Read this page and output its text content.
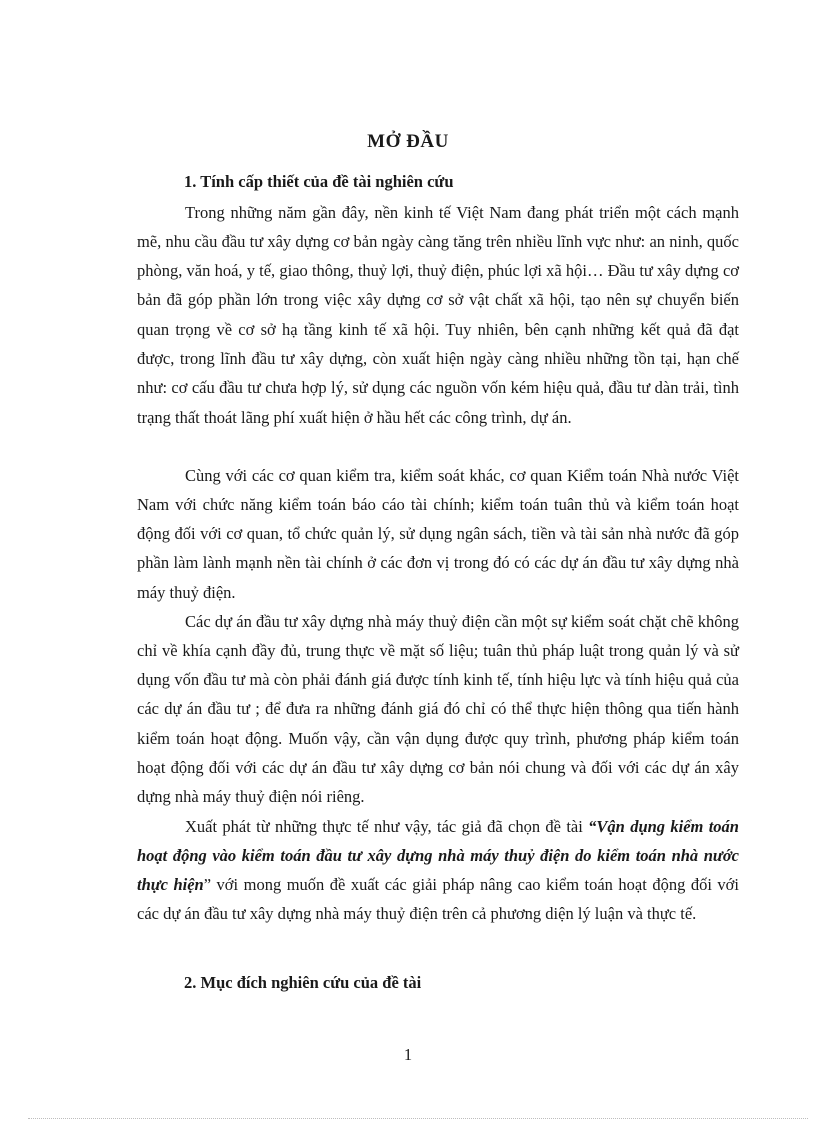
MỞ ĐẦU
1. Tính cấp thiết của đề tài nghiên cứu

Trong những năm gần đây, nền kinh tế Việt Nam đang phát triển một cách mạnh mẽ, nhu cầu đầu tư xây dựng cơ bản ngày càng tăng trên nhiều lĩnh vực như: an ninh, quốc phòng, văn hoá, y tế, giao thông, thuỷ lợi, thuỷ điện, phúc lợi xã hội… Đầu tư xây dựng cơ bản đã góp phần lớn trong việc xây dựng cơ sở vật chất xã hội, tạo nên sự chuyển biến quan trọng về cơ sở hạ tầng kinh tế xã hội. Tuy nhiên, bên cạnh những kết quả đã đạt được, trong lĩnh đầu tư xây dựng, còn xuất hiện ngày càng nhiều những tồn tại, hạn chế như: cơ cấu đầu tư chưa hợp lý, sử dụng các nguồn vốn kém hiệu quả, đầu tư dàn trải, tình trạng thất thoát lãng phí xuất hiện ở hầu hết các công trình, dự án.

Cùng với các cơ quan kiểm tra, kiểm soát khác, cơ quan Kiểm toán Nhà nước Việt Nam với chức năng kiểm toán báo cáo tài chính; kiểm toán tuân thủ và kiểm toán hoạt động đối với cơ quan, tổ chức quản lý, sử dụng ngân sách, tiền và tài sản nhà nước đã góp phần làm lành mạnh nền tài chính ở các đơn vị trong đó có các dự án đầu tư xây dựng nhà máy thuỷ điện.

Các dự án đầu tư xây dựng nhà máy thuỷ điện cần một sự kiểm soát chặt chẽ không chỉ về khía cạnh đầy đủ, trung thực về mặt số liệu; tuân thủ pháp luật trong quản lý và sử dụng vốn đầu tư mà còn phải đánh giá được tính kinh tế, tính hiệu lực và tính hiệu quả của các dự án đầu tư ; để đưa ra những đánh giá đó chỉ có thể thực hiện thông qua tiến hành kiểm toán hoạt động. Muốn vậy, cần vận dụng được quy trình, phương pháp kiểm toán hoạt động đối với các dự án đầu tư xây dựng cơ bản nói chung và đối với các dự án xây dựng nhà máy thuỷ điện nói riêng.

Xuất phát từ những thực tế như vậy, tác giả đã chọn đề tài “Vận dụng kiểm toán hoạt động vào kiểm toán đầu tư xây dựng nhà máy thuỷ điện do kiểm toán nhà nước thực hiện” với mong muốn đề xuất các giải pháp nâng cao kiểm toán hoạt động đối với các dự án đầu tư xây dựng nhà máy thuỷ điện trên cả phương diện lý luận và thực tế.

2. Mục đích nghiên cứu của đề tài
1
